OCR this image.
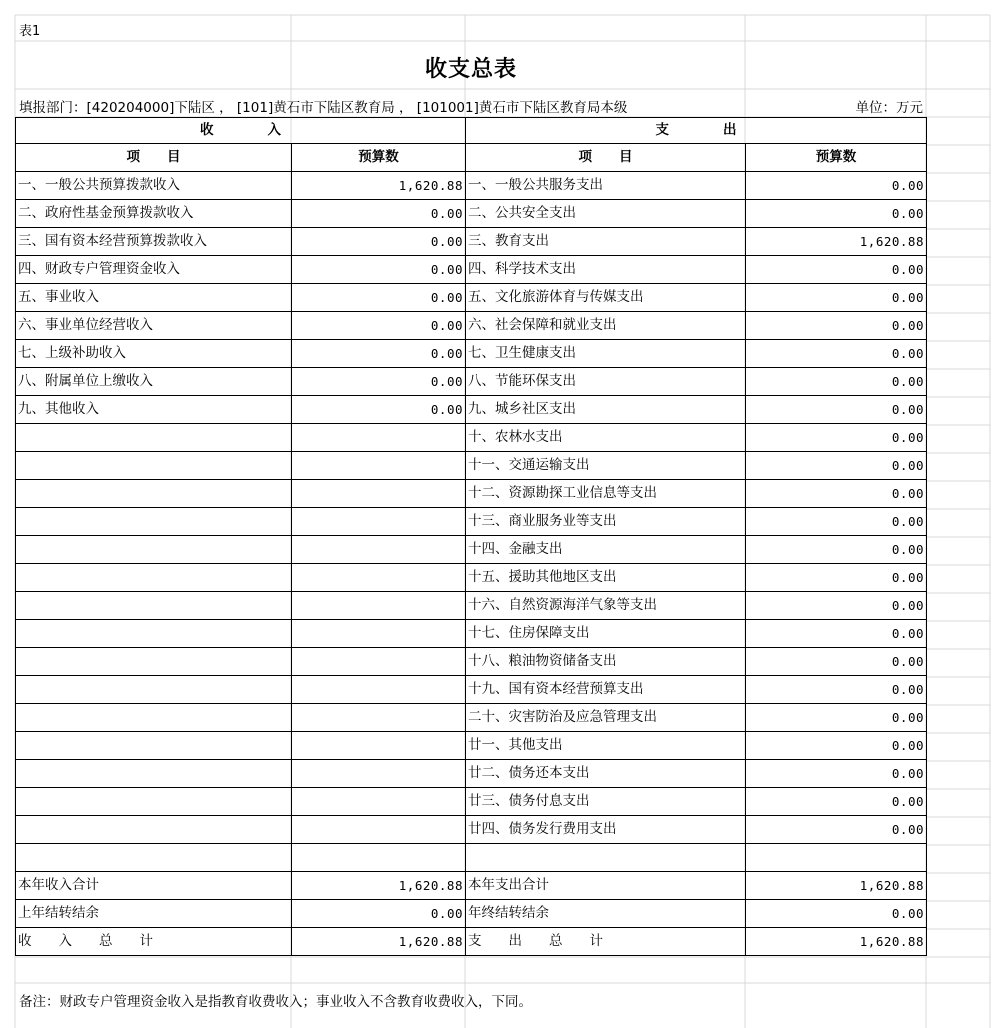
表1
收支总表
填报部门：[420204000]下陆区 ， [101]黄石市下陆区教育局 ， [101001]黄石市下陆区教育局本级	单位：万元
收　　　　入		支　　　　出	
项　　目	预算数	项　　目	预算数
一、一般公共预算拨款收入	1,620.88	一、一般公共服务支出	0.00
二、政府性基金预算拨款收入	0.00	二、公共安全支出	0.00
三、国有资本经营预算拨款收入	0.00	三、教育支出	1,620.88
四、财政专户管理资金收入	0.00	四、科学技术支出	0.00
五、事业收入	0.00	五、文化旅游体育与传媒支出	0.00
六、事业单位经营收入	0.00	六、社会保障和就业支出	0.00
七、上级补助收入	0.00	七、卫生健康支出	0.00
八、附属单位上缴收入	0.00	八、节能环保支出	0.00
九、其他收入	0.00	九、城乡社区支出	0.00
		十、农林水支出	0.00
		十一、交通运输支出	0.00
		十二、资源勘探工业信息等支出	0.00
		十三、商业服务业等支出	0.00
		十四、金融支出	0.00
		十五、援助其他地区支出	0.00
		十六、自然资源海洋气象等支出	0.00
		十七、住房保障支出	0.00
		十八、粮油物资储备支出	0.00
		十九、国有资本经营预算支出	0.00
		二十、灾害防治及应急管理支出	0.00
		廿一、其他支出	0.00
		廿二、债务还本支出	0.00
		廿三、债务付息支出	0.00
		廿四、债务发行费用支出	0.00

本年收入合计	1,620.88	本年支出合计	1,620.88
上年结转结余	0.00	年终结转结余	0.00
收　　入　　总　　计	1,620.88	支　　出　　总　　计	1,620.88
备注：财政专户管理资金收入是指教育收费收入；事业收入不含教育收费收入，下同。
